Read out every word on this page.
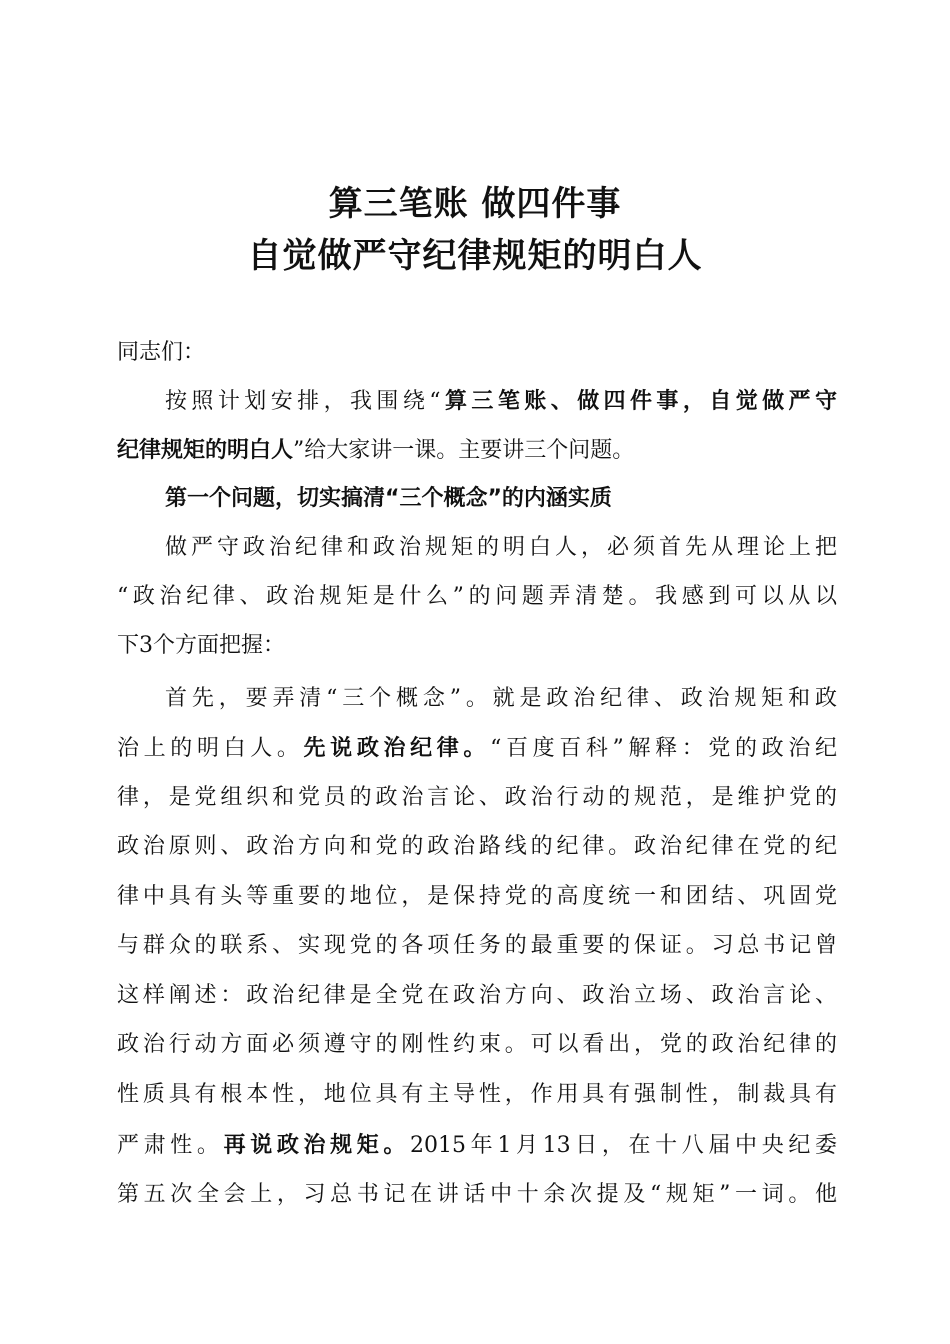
算三笔账 做四件事
自觉做严守纪律规矩的明白人
同志们：
按照计划安排，我围绕“算三笔账、做四件事，自觉做严守
纪律规矩的明白人”给大家讲一课。主要讲三个问题。
第一个问题，切实搞清“三个概念”的内涵实质
做严守政治纪律和政治规矩的明白人，必须首先从理论上把
“政治纪律、政治规矩是什么”的问题弄清楚。我感到可以从以
下3个方面把握：
首先，要弄清“三个概念”。就是政治纪律、政治规矩和政
治上的明白人。先说政治纪律。“百度百科”解释：党的政治纪
律，是党组织和党员的政治言论、政治行动的规范，是维护党的
政治原则、政治方向和党的政治路线的纪律。政治纪律在党的纪
律中具有头等重要的地位，是保持党的高度统一和团结、巩固党
与群众的联系、实现党的各项任务的最重要的保证。习总书记曾
这样阐述：政治纪律是全党在政治方向、政治立场、政治言论、
政治行动方面必须遵守的刚性约束。可以看出，党的政治纪律的
性质具有根本性，地位具有主导性，作用具有强制性，制裁具有
严肃性。再说政治规矩。2015年1月13日，在十八届中央纪委
第五次全会上，习总书记在讲话中十余次提及“规矩”一词。他
